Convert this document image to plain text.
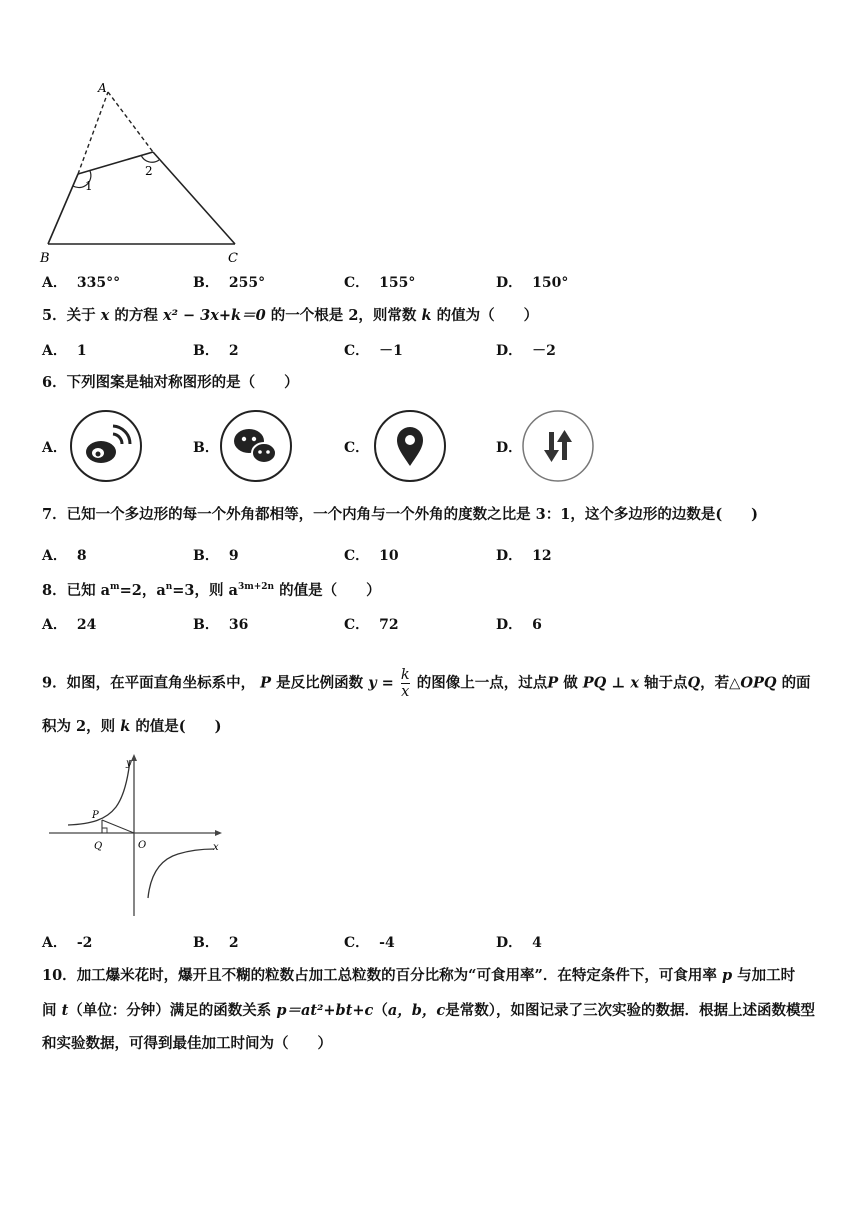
A
B	C
1
2
A． 335°°	B． 255°	C． 155°	D． 150°
5．关于 x 的方程 x² − 3x+k＝0 的一个根是 2，则常数 k 的值为（　　）
A． 1	B． 2	C． －1	D． －2
6．下列图案是轴对称图形的是（　　）
A．	B．	C．	D．
7．已知一个多边形的每一个外角都相等，一个内角与一个外角的度数之比是 3：1，这个多边形的边数是(　　)
A． 8	B． 9	C． 10	D． 12
8．已知 $a^m=2$，$a^n=3$，则 $a^{3m+2n}$ 的值是（　　）
A． 24	B． 36	C． 72	D． 6
9．如图，在平面直角坐标系中， P 是反比例函数 $y = \frac{k}{x}$ 的图像上一点，过点P 做 PQ ⊥ x 轴于点Q，若△OPQ 的面
积为 2，则 k 的值是(　　)
y
x
P
Q	O
A． -2	B． 2	C． -4	D． 4
10．加工爆米花时，爆开且不糊的粒数占加工总粒数的百分比称为“可食用率”．在特定条件下，可食用率 p 与加工时
间 t（单位：分钟）满足的函数关系 p＝at²+bt+c（a，b，c是常数），如图记录了三次实验的数据．根据上述函数模型
和实验数据，可得到最佳加工时间为（　　）
